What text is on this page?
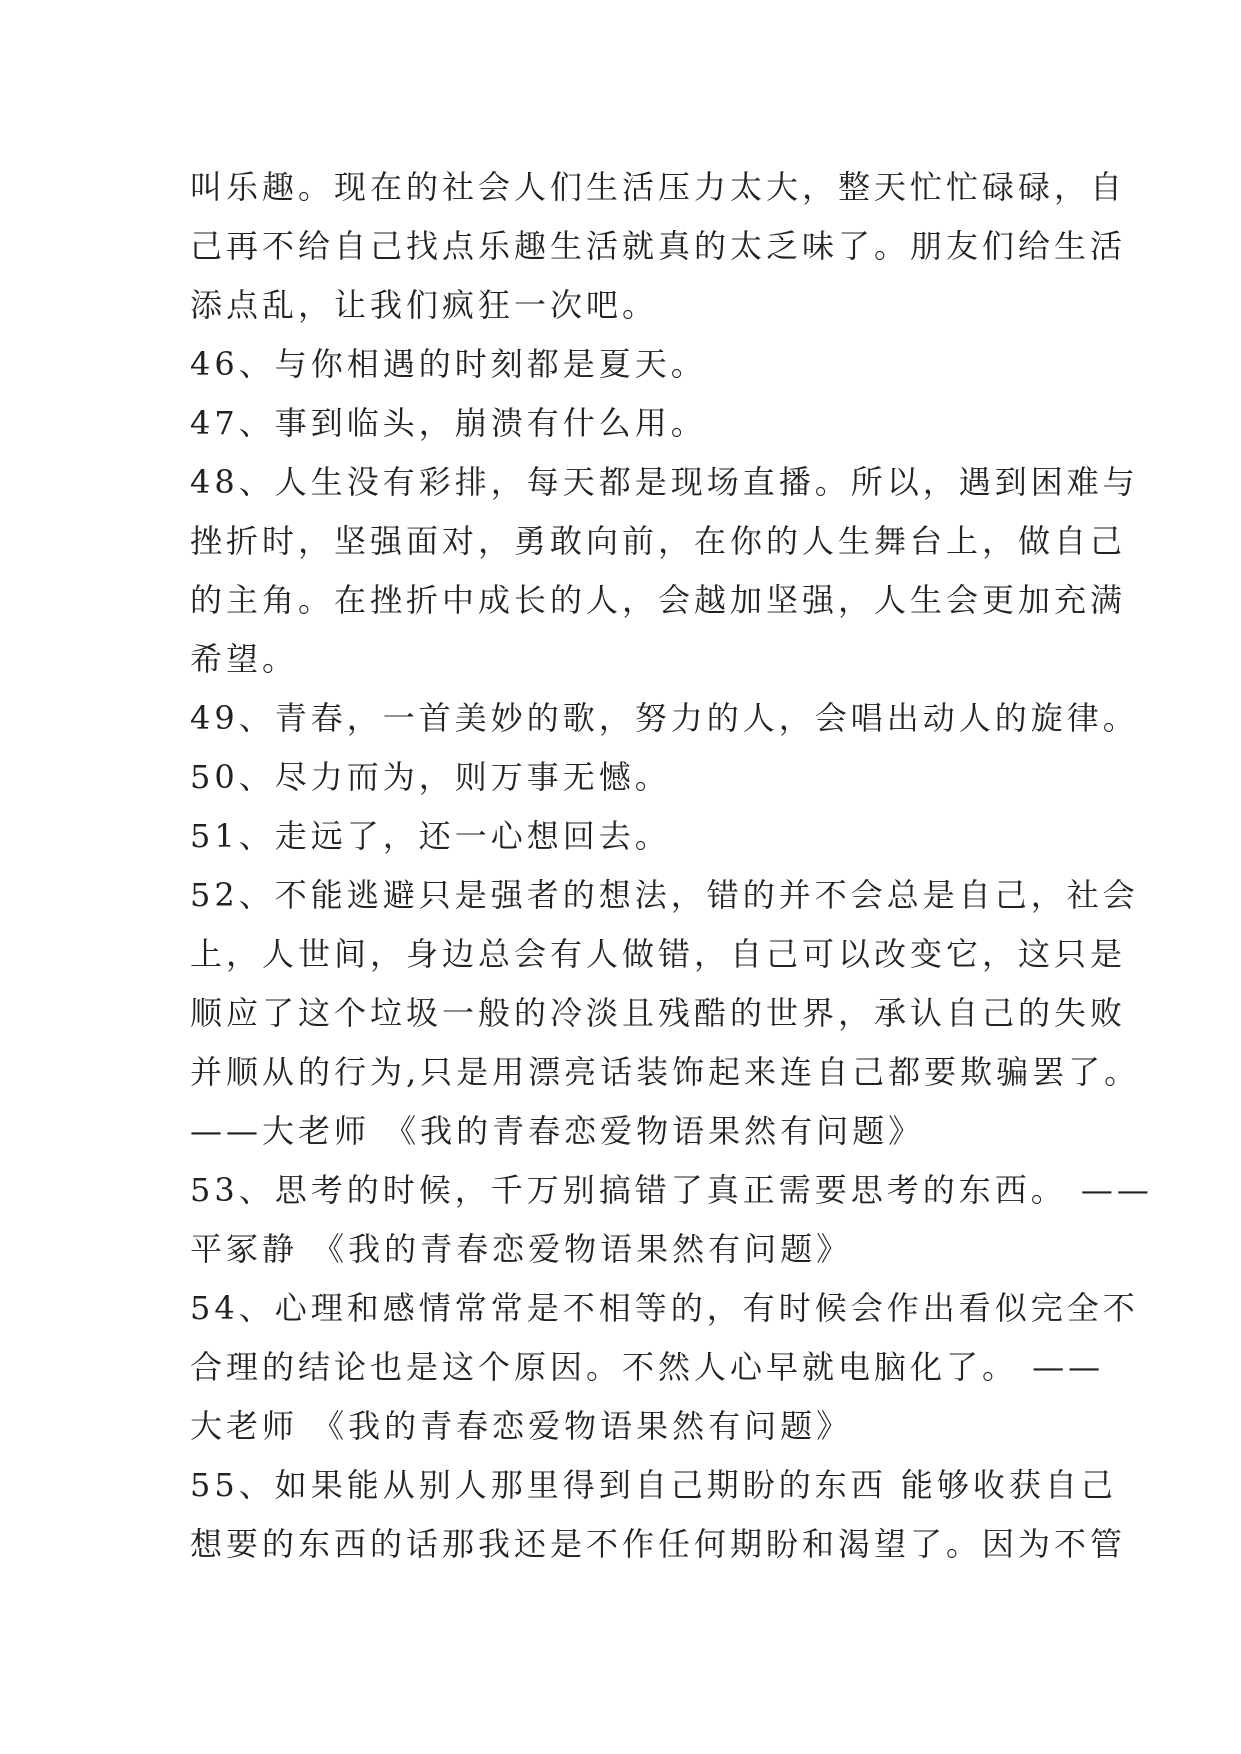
叫乐趣。现在的社会人们生活压力太大，整天忙忙碌碌，自
己再不给自己找点乐趣生活就真的太乏味了。朋友们给生活
添点乱，让我们疯狂一次吧。
46、与你相遇的时刻都是夏天。
47、事到临头，崩溃有什么用。
48、人生没有彩排，每天都是现场直播。所以，遇到困难与
挫折时，坚强面对，勇敢向前，在你的人生舞台上，做自己
的主角。在挫折中成长的人，会越加坚强，人生会更加充满
希望。
49、青春，一首美妙的歌，努力的人，会唱出动人的旋律。
50、尽力而为，则万事无憾。
51、走远了，还一心想回去。
52、不能逃避只是强者的想法，错的并不会总是自己，社会
上，人世间，身边总会有人做错，自己可以改变它，这只是
顺应了这个垃圾一般的冷淡且残酷的世界，承认自己的失败
并顺从的行为,只是用漂亮话装饰起来连自己都要欺骗罢了。
——大老师 《我的青春恋爱物语果然有问题》
53、思考的时候，千万别搞错了真正需要思考的东西。 ——
平冢静 《我的青春恋爱物语果然有问题》
54、心理和感情常常是不相等的，有时候会作出看似完全不
合理的结论也是这个原因。不然人心早就电脑化了。 ——
大老师 《我的青春恋爱物语果然有问题》
55、如果能从别人那里得到自己期盼的东西 能够收获自己
想要的东西的话那我还是不作任何期盼和渴望了。因为不管
